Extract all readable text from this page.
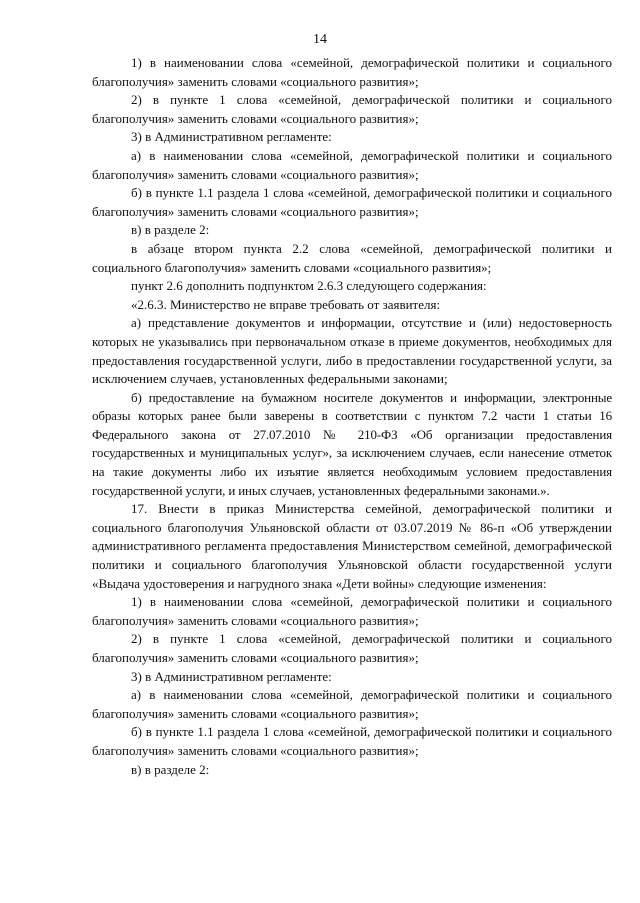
14

1) в наименовании слова «семейной, демографической политики и социального благополучия» заменить словами «социального развития»;

2) в пункте 1 слова «семейной, демографической политики и социального благополучия» заменить словами «социального развития»;

3) в Административном регламенте:

а) в наименовании слова «семейной, демографической политики и социального благополучия» заменить словами «социального развития»;

б) в пункте 1.1 раздела 1 слова «семейной, демографической политики и социального благополучия» заменить словами «социального развития»;

в) в разделе 2:

в абзаце втором пункта 2.2 слова «семейной, демографической политики и социального благополучия» заменить словами «социального развития»;

пункт 2.6 дополнить подпунктом 2.6.3 следующего содержания:

«2.6.3. Министерство не вправе требовать от заявителя:

а) представление документов и информации, отсутствие и (или) недостоверность которых не указывались при первоначальном отказе в приеме документов, необходимых для предоставления государственной услуги, либо в предоставлении государственной услуги, за исключением случаев, установленных федеральными законами;

б) предоставление на бумажном носителе документов и информации, электронные образы которых ранее были заверены в соответствии с пунктом 7.2 части 1 статьи 16 Федерального закона от 27.07.2010 № 210-ФЗ «Об организации предоставления государственных и муниципальных услуг», за исключением случаев, если нанесение отметок на такие документы либо их изъятие является необходимым условием предоставления государственной услуги, и иных случаев, установленных федеральными законами.».

17. Внести в приказ Министерства семейной, демографической политики и социального благополучия Ульяновской области от 03.07.2019 № 86-п «Об утверждении административного регламента предоставления Министерством семейной, демографической политики и социального благополучия Ульяновской области государственной услуги «Выдача удостоверения и нагрудного знака «Дети войны» следующие изменения:

1) в наименовании слова «семейной, демографической политики и социального благополучия» заменить словами «социального развития»;

2) в пункте 1 слова «семейной, демографической политики и социального благополучия» заменить словами «социального развития»;

3) в Административном регламенте:

а) в наименовании слова «семейной, демографической политики и социального благополучия» заменить словами «социального развития»;

б) в пункте 1.1 раздела 1 слова «семейной, демографической политики и социального благополучия» заменить словами «социального развития»;

в) в разделе 2:
